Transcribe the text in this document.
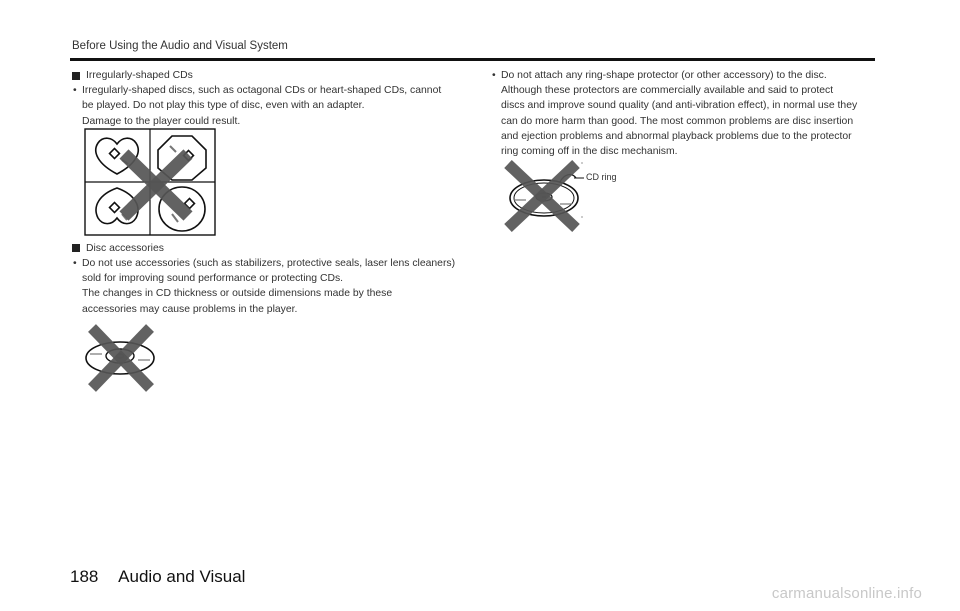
Before Using the Audio and Visual System

Irregularly-shaped CDs

• Irregularly-shaped discs, such as octagonal CDs or heart-shaped CDs, cannot
be played. Do not play this type of disc, even with an adapter.
Damage to the player could result.

Disc accessories

• Do not use accessories (such as stabilizers, protective seals, laser lens cleaners)
sold for improving sound performance or protecting CDs.
The changes in CD thickness or outside dimensions made by these
accessories may cause problems in the player.
• Do not attach any ring-shape protector (or other accessory) to the disc.
Although these protectors are commercially available and said to protect
discs and improve sound quality (and anti-vibration effect), in normal use they
can do more harm than good. The most common problems are disc insertion
and ejection problems and abnormal playback problems due to the protector
ring coming off in the disc mechanism.
CD ring
188 Audio and Visual
carmanualsonline.info
